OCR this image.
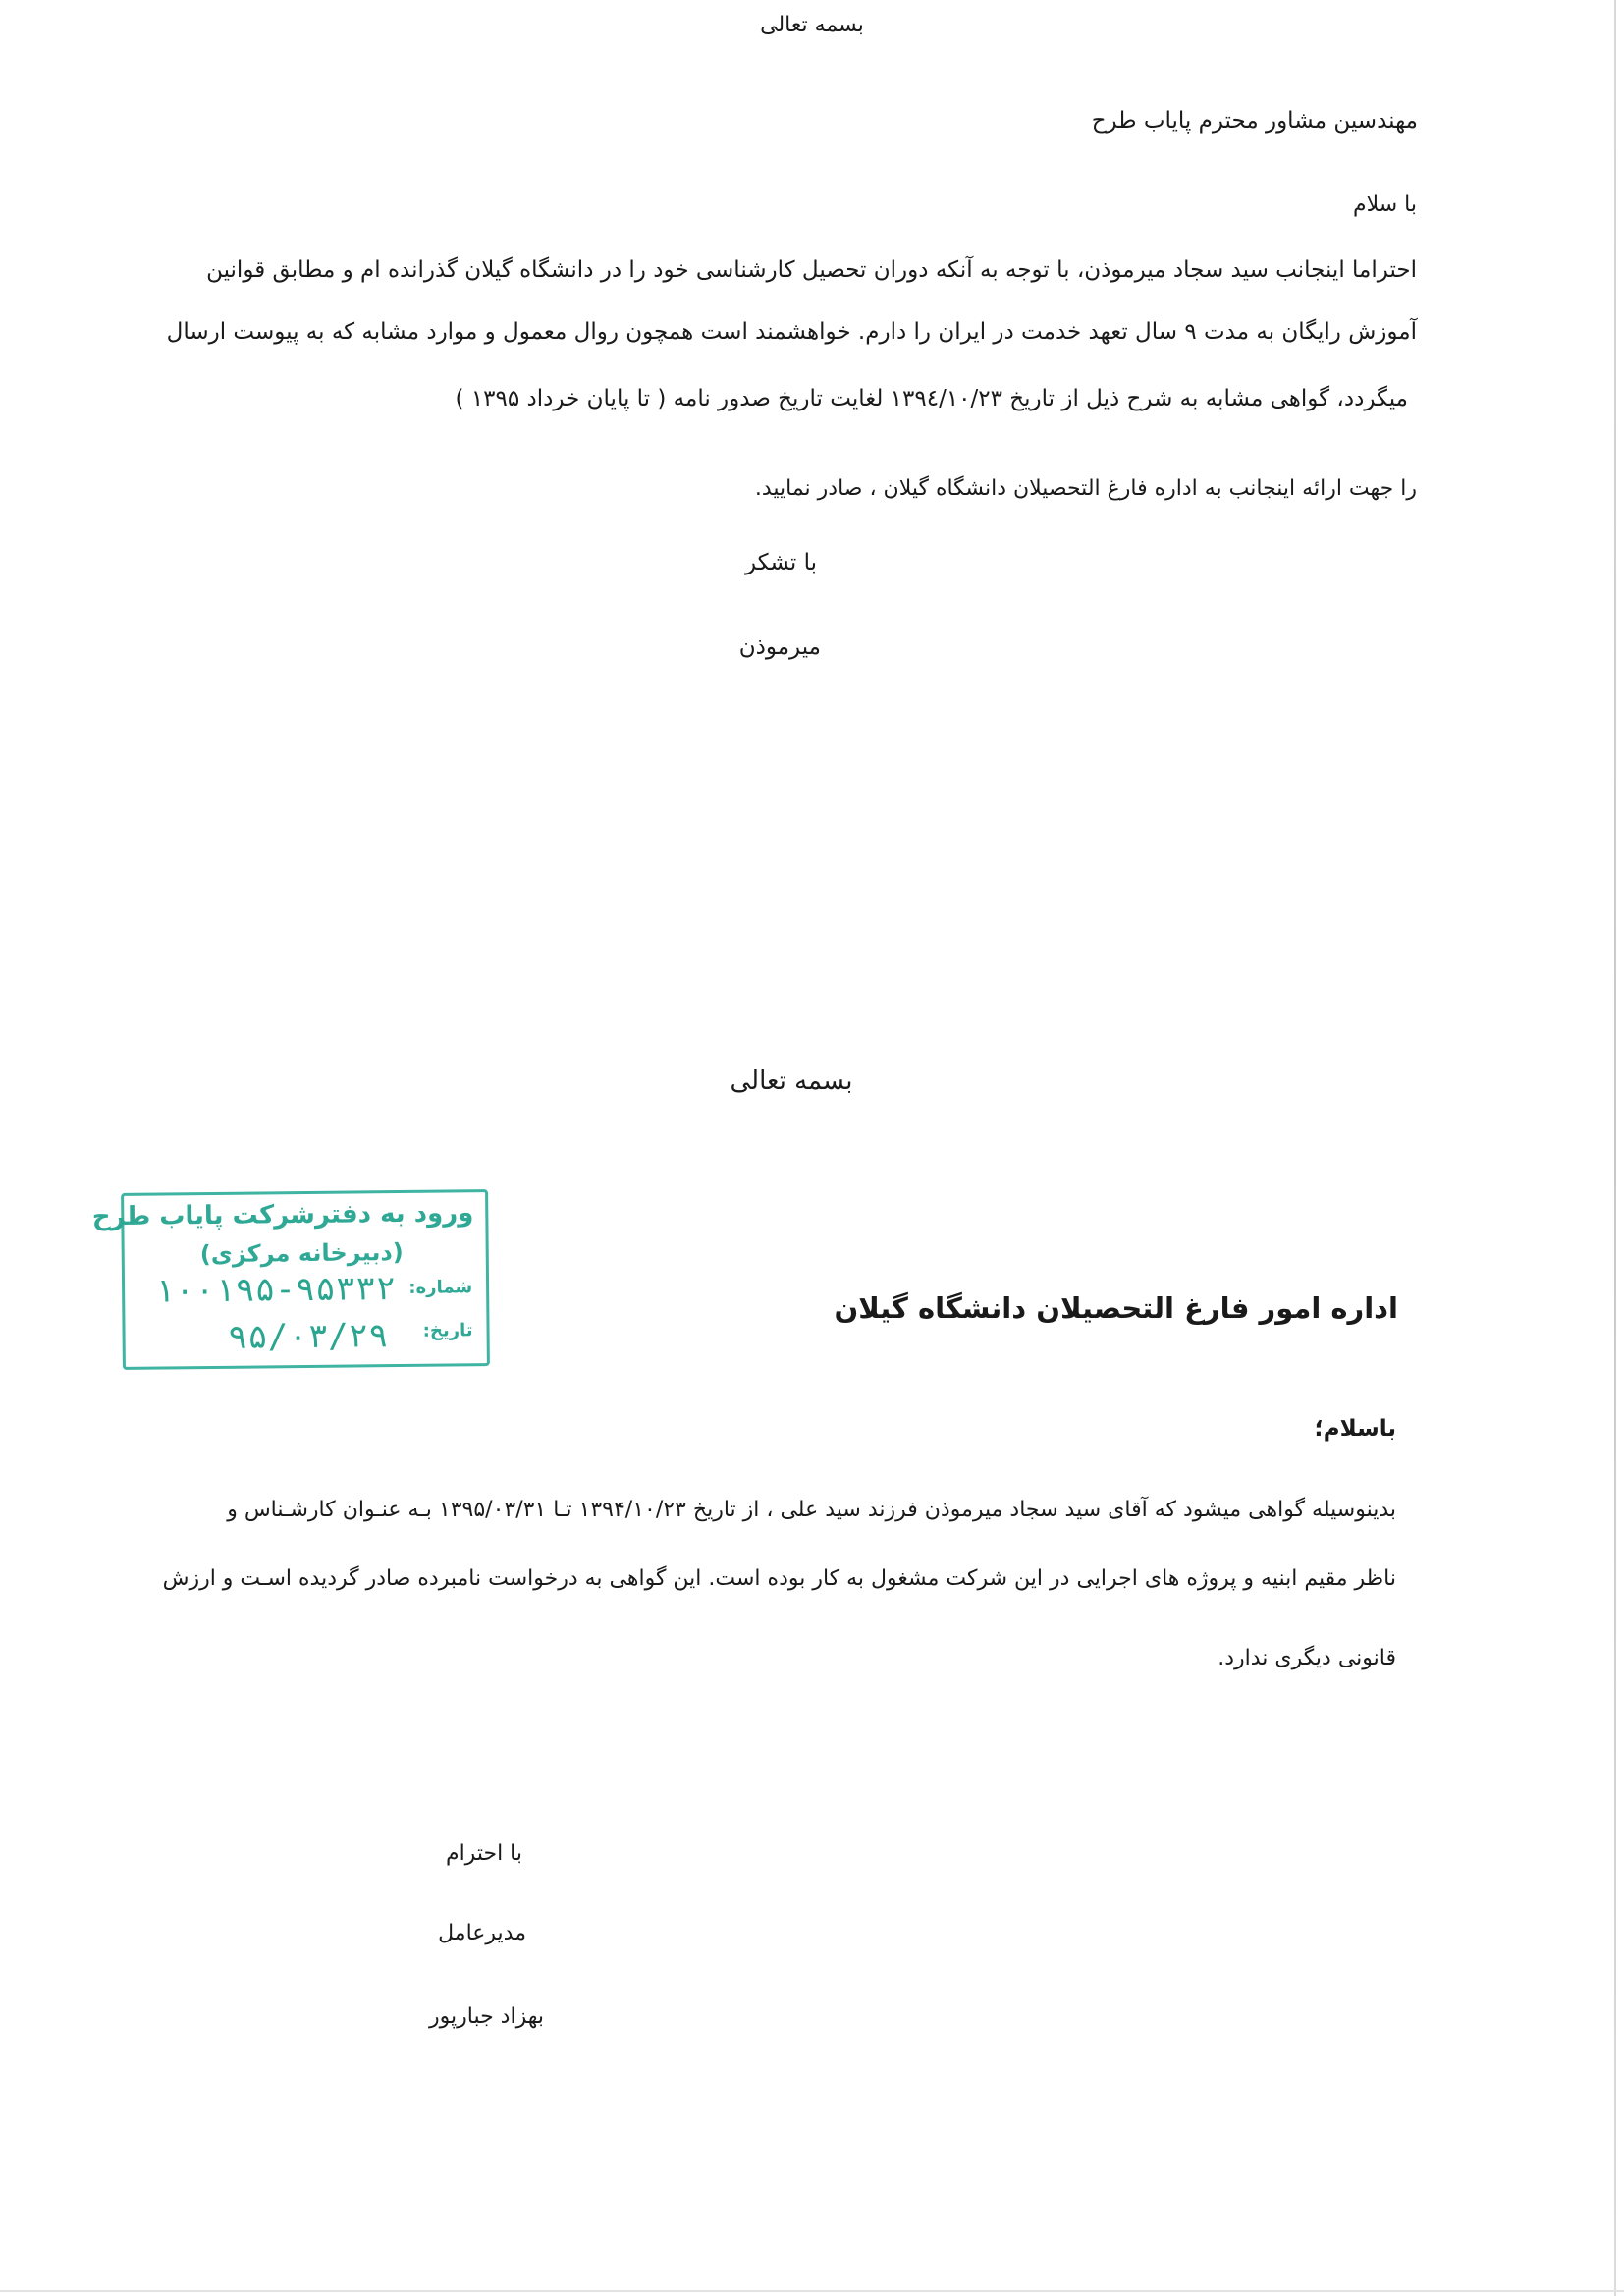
بسمه تعالی
مهندسین مشاور محترم پایاب طرح
با سلام
احتراما اینجانب سید سجاد میرموذن، با توجه به آنکه دوران تحصیل کارشناسی خود را در دانشگاه گیلان گذرانده ام و مطابق قوانین
آموزش رایگان به مدت ۹ سال تعهد خدمت در ایران را دارم. خواهشمند است همچون روال معمول و موارد مشابه که به پیوست ارسال
میگردد، گواهی مشابه به شرح ذیل از تاریخ ۱۳۹٤/۱۰/۲۳ لغایت تاریخ صدور نامه ( تا پایان خرداد ۱۳۹۵ )
را جهت ارائه اینجانب به اداره فارغ التحصیلان دانشگاه گیلان ، صادر نمایید.
با تشکر
میرموذن
بسمه تعالی
ورود به دفترشرکت پایاب طرح
(دبیرخانه مرکزی)
شماره:
۱۰۰۱۹۵-۹۵۳۳۲
تاریخ:
۹۵/۰۳/۲۹
اداره امور فارغ التحصیلان دانشگاه گیلان
باسلام؛
بدینوسیله گواهی میشود که آقای سید سجاد میرموذن فرزند سید علی ، از تاریخ ۱۳۹۴/۱۰/۲۳ تـا ۱۳۹۵/۰۳/۳۱ بـه عنـوان کارشـناس و
ناظر مقیم ابنیه و پروژه های اجرایی در این شرکت مشغول به کار بوده است. این گواهی به درخواست نامبرده صادر گردیده اسـت و ارزش
قانونی دیگری ندارد.
با احترام
مدیرعامل
بهزاد جبارپور
